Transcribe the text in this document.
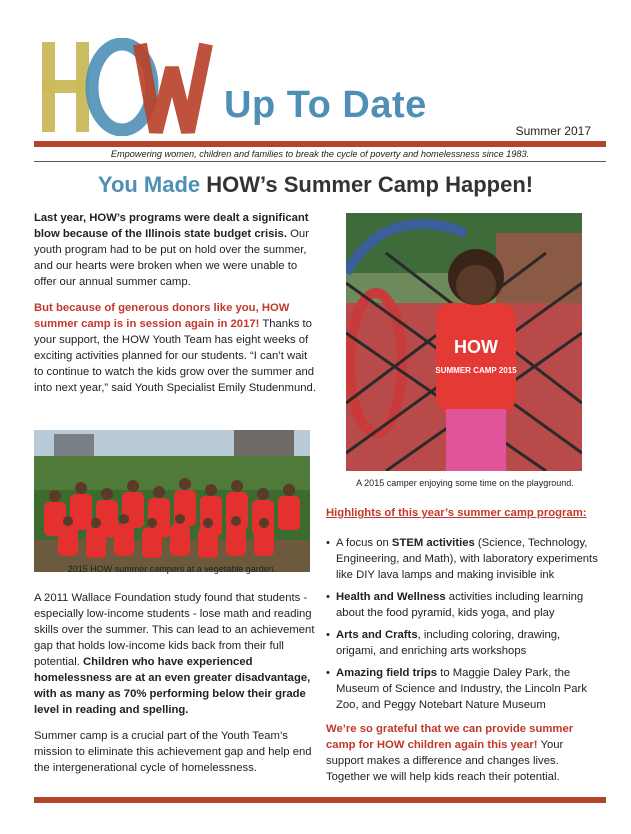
Up To Date
Summer 2017
Empowering women, children and families to break the cycle of poverty and homelessness since 1983.
You Made HOW’s Summer Camp Happen!

Last year, HOW’s programs were dealt a significant blow because of the Illinois state budget crisis. Our youth program had to be put on hold over the summer, and our hearts were broken when we were unable to offer our annual summer camp.

But because of generous donors like you, HOW summer camp is in session again in 2017! Thanks to your support, the HOW Youth Team has eight weeks of exciting activities planned for our students. “I can’t wait to continue to watch the kids grow over the summer and into next year,” said Youth Specialist Emily Studenmund.

2015 HOW summer campers at a vegetable garden.

A 2011 Wallace Foundation study found that students - especially low-income students - lose math and reading skills over the summer. This can lead to an achievement gap that holds low-income kids back from their full potential. Children who have experienced homelessness are at an even greater disadvantage, with as many as 70% performing below their grade level in reading and spelling.

Summer camp is a crucial part of the Youth Team’s mission to eliminate this achievement gap and help end the intergenerational cycle of homelessness.

HOW
SUMMER CAMP 2015
A 2015 camper enjoying some time on the playground.
Highlights of this year’s summer camp program:
• A focus on STEM activities (Science, Technology, Engineering, and Math), with laboratory experiments like DIY lava lamps and making invisible ink
• Health and Wellness activities including learning about the food pyramid, kids yoga, and play
• Arts and Crafts, including coloring, drawing, origami, and enriching arts workshops
• Amazing field trips to Maggie Daley Park, the Museum of Science and Industry, the Lincoln Park Zoo, and Peggy Notebart Nature Museum

We’re so grateful that we can provide summer camp for HOW children again this year! Your support makes a difference and changes lives. Together we will help kids reach their potential.
